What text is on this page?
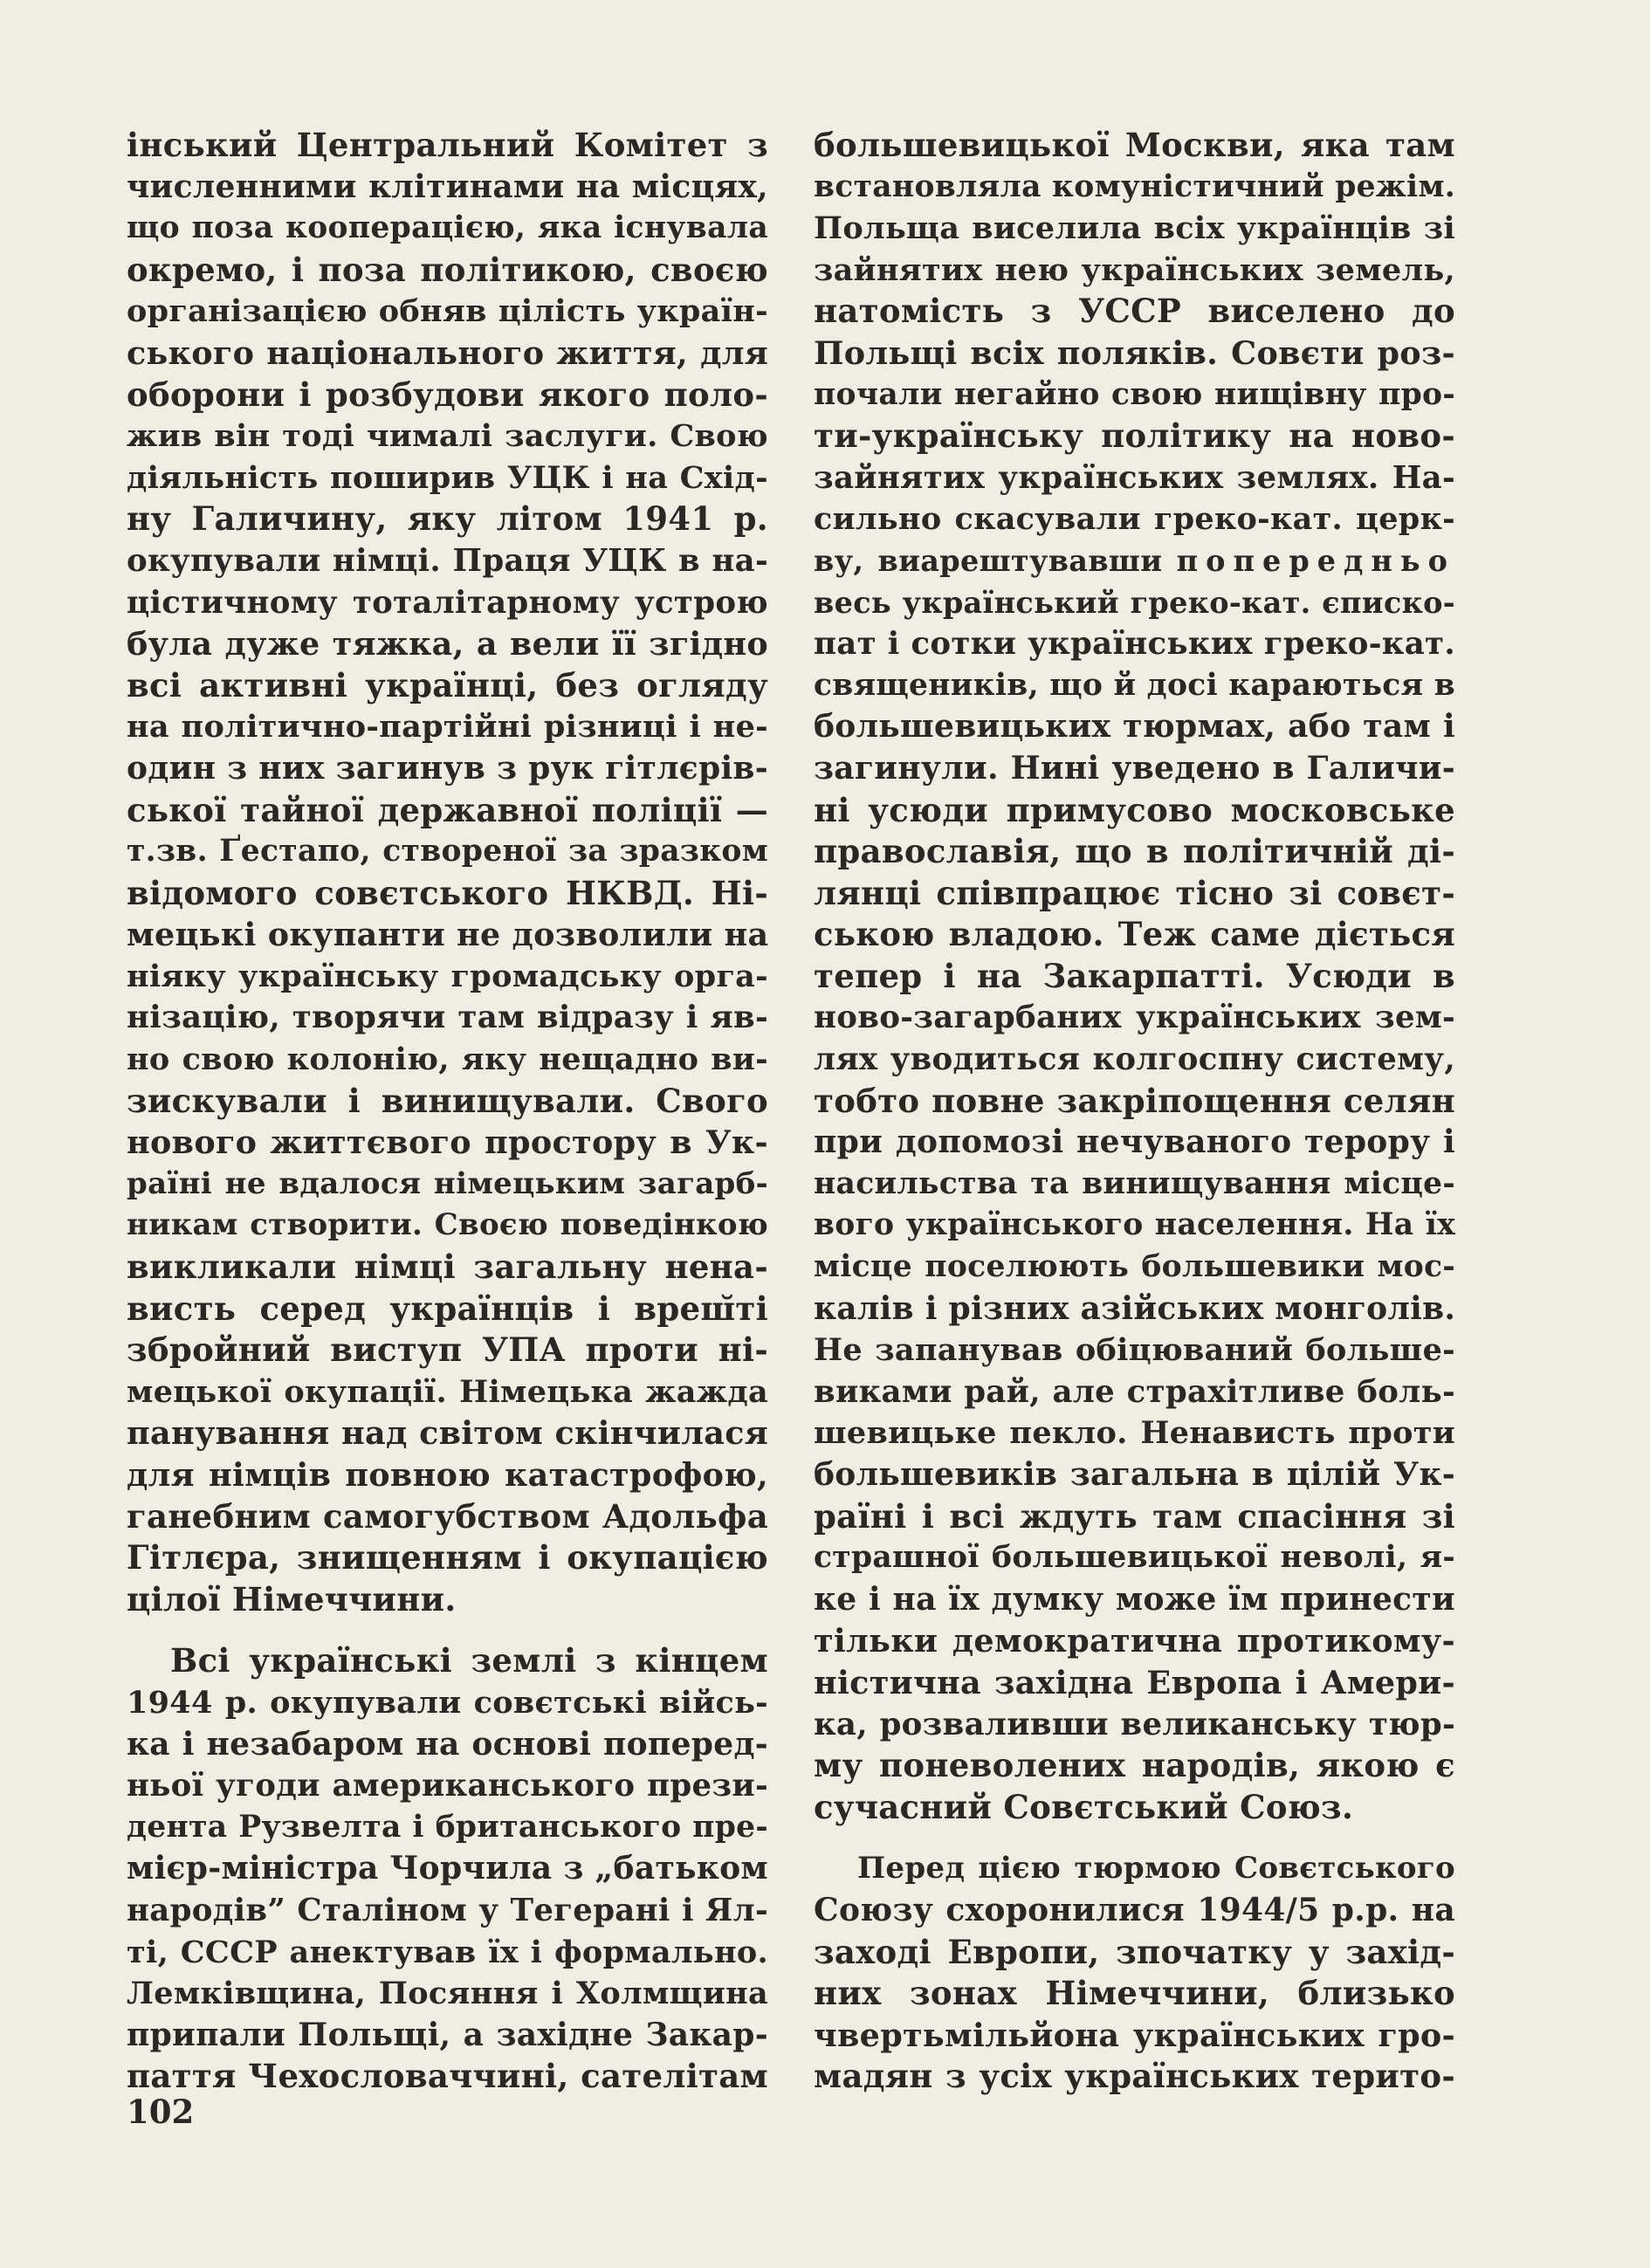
інський Центральний Комітет з
численними клітинами на місцях,
що поза кооперацією, яка існувала
окремо, і поза політикою, своєю
організацією обняв цілість україн-
ського національного життя, для
оборони і розбудови якого поло-
жив він тоді чималі заслуги. Свою
діяльність поширив УЦК і на Схід-
ну Галичину, яку літом 1941 р.
окупували німці. Праця УЦК в на-
цістичному тоталітарному устрою
була дуже тяжка, а вели її згідно
всі активні українці, без огляду
на політично-партійні різниці і не-
один з них загинув з рук гітлєрів-
ської тайної державної поліції —
т.зв. Ґестапо, створеної за зразком
відомого совєтського НКВД. Ні-
мецькі окупанти не дозволили на
ніяку українську громадську орга-
нізацію, творячи там відразу і яв-
но свою колонію, яку нещадно ви-
зискували і винищували. Свого
нового життєвого простору в Ук-
раїні не вдалося німецьким загарб-
никам створити. Своєю поведінкою
викликали німці загальну нена-
висть серед українців і вреш̆ті
збройний виступ УПА проти ні-
мецької окупації. Німецька жажда
панування над світом скінчилася
для німців повною катастрофою,
ганебним самогубством Адольфа
Гітлєра, знищенням і окупацією
цілої Німеччини.
Всі українські землі з кінцем
1944 р. окупували совєтські війсь-
ка і незабаром на основі поперед-
ньої угоди американського прези-
дента Рузвелта і британського пре-
мієр-міністра Чорчила з „батьком
народів” Сталіном у Тегерані і Ял-
ті, СССР анектував їх і формально.
Лемківщина, Посяння і Холмщина
припали Польщі, а західне Закар-
паття Чехословаччині, сателітам
большевицької Москви, яка там
встановляла комуністичний режім.
Польща виселила всіх українців зі
зайнятих нею українських земель,
натомість з УССР виселено до
Польщі всіх поляків. Совєти роз-
почали негайно свою нищівну про-
ти-українську політику на ново-
зайнятих українських землях. На-
сильно скасували греко-кат. церк-
ву, виарештувавши попередньо
весь український греко-кат. єписко-
пат і сотки українських греко-кат.
священиків, що й досі караються в
большевицьких тюрмах, або там і
загинули. Нині уведено в Галичи-
ні усюди примусово московське
православія, що в політичній ді-
лянці співпрацює тісно зі совєт-
ською владою. Теж саме діється
тепер і на Закарпатті. Усюди в
ново-загарбаних українських зем-
лях уводиться колгоспну систему,
тобто повне закріпощення селян
при допомозі нечуваного терору і
насильства та винищування місце-
вого українського населення. На їх
місце поселюють большевики мос-
калів і різних азійських монголів.
Не запанував обіцюваний больше-
виками рай, але страхітливе боль-
шевицьке пекло. Ненависть проти
большевиків загальна в цілій Ук-
раїні і всі ждуть там спасіння зі
страшної большевицької неволі, я-
ке і на їх думку може їм принести
тільки демократична протикому-
ністична західна Европа і Амери-
ка, розваливши великанську тюр-
му поневолених народів, якою є
сучасний Совєтський Союз.
Перед цією тюрмою Совєтського
Союзу схоронилися 1944/5 р.р. на
заході Европи, зпочатку у захід-
них зонах Німеччини, близько
чвертьмільйона українських гро-
мадян з усіх українських терито-
102
